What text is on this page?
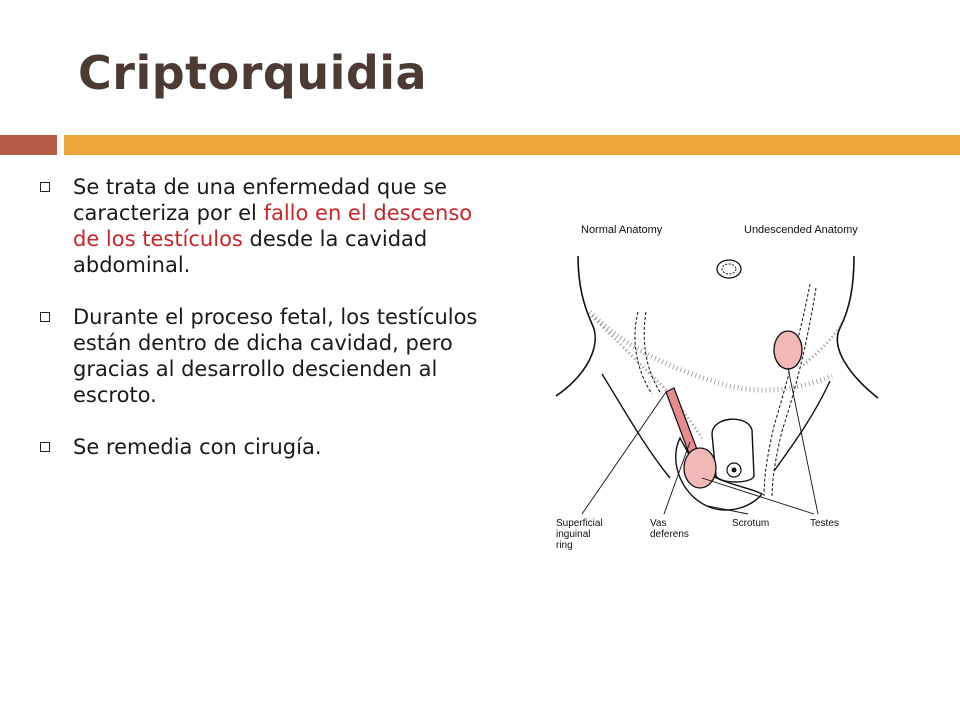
Criptorquidia
Se trata de una enfermedad que se caracteriza por el fallo en el descenso de los testículos desde la cavidad abdominal.
Durante el proceso fetal, los testículos están dentro de dicha cavidad, pero gracias al desarrollo descienden al escroto.
Se remedia con cirugía.
Normal Anatomy	Undescended Anatomy
Superficial inguinal ring
Vas deferens
Scrotum	Testes
